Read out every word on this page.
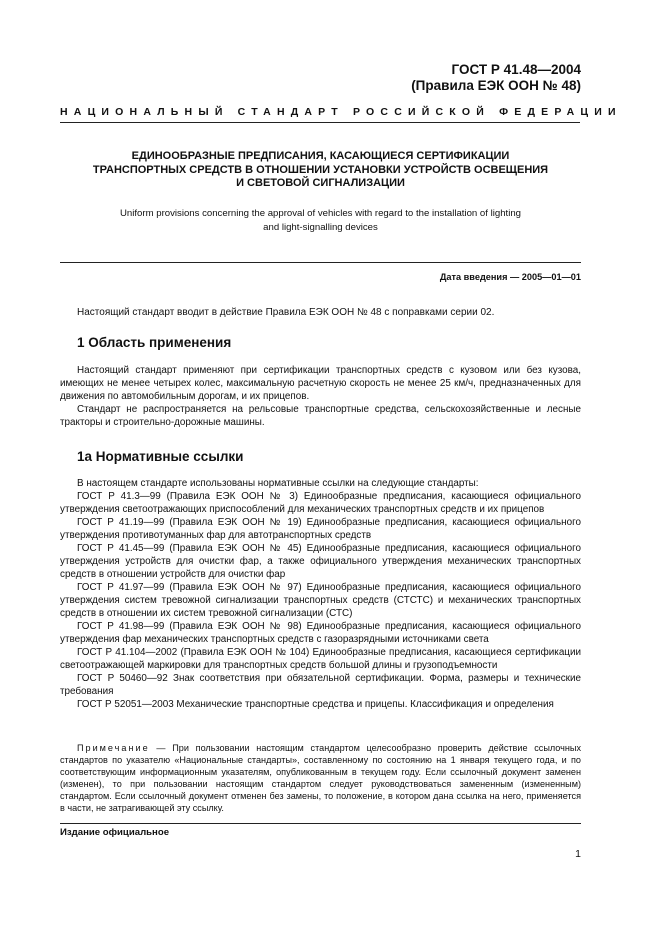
ГОСТ Р 41.48—2004
(Правила ЕЭК ООН № 48)
НАЦИОНАЛЬНЫЙ СТАНДАРТ РОССИЙСКОЙ ФЕДЕРАЦИИ
ЕДИНООБРАЗНЫЕ ПРЕДПИСАНИЯ, КАСАЮЩИЕСЯ СЕРТИФИКАЦИИ
ТРАНСПОРТНЫХ СРЕДСТВ В ОТНОШЕНИИ УСТАНОВКИ УСТРОЙСТВ ОСВЕЩЕНИЯ
И СВЕТОВОЙ СИГНАЛИЗАЦИИ
Uniform provisions concerning the approval of vehicles with regard to the installation of lighting
and light-signalling devices
Дата введения — 2005—01—01
Настоящий стандарт вводит в действие Правила ЕЭК ООН № 48 с поправками серии 02.
1 Область применения

Настоящий стандарт применяют при сертификации транспортных средств с кузовом или без кузова, имеющих не менее четырех колес, максимальную расчетную скорость не менее 25 км/ч, предназначенных для движения по автомобильным дорогам, и их прицепов.

Стандарт не распространяется на рельсовые транспортные средства, сельскохозяйственные и лесные тракторы и строительно-дорожные машины.

1a Нормативные ссылки

В настоящем стандарте использованы нормативные ссылки на следующие стандарты:

ГОСТ Р 41.3—99 (Правила ЕЭК ООН № 3) Единообразные предписания, касающиеся официального утверждения светоотражающих приспособлений для механических транспортных средств и их прицепов

ГОСТ Р 41.19—99 (Правила ЕЭК ООН № 19) Единообразные предписания, касающиеся официального утверждения противотуманных фар для автотранспортных средств

ГОСТ Р 41.45—99 (Правила ЕЭК ООН № 45) Единообразные предписания, касающиеся официального утверждения устройств для очистки фар, а также официального утверждения механических транспортных средств в отношении устройств для очистки фар

ГОСТ Р 41.97—99 (Правила ЕЭК ООН № 97) Единообразные предписания, касающиеся официального утверждения систем тревожной сигнализации транспортных средств (СТСТС) и механических транспортных средств в отношении их систем тревожной сигнализации (СТС)

ГОСТ Р 41.98—99 (Правила ЕЭК ООН № 98) Единообразные предписания, касающиеся официального утверждения фар механических транспортных средств с газоразрядными источниками света

ГОСТ Р 41.104—2002 (Правила ЕЭК ООН № 104) Единообразные предписания, касающиеся сертификации светоотражающей маркировки для транспортных средств большой длины и грузоподъемности

ГОСТ Р 50460—92 Знак соответствия при обязательной сертификации. Форма, размеры и технические требования

ГОСТ Р 52051—2003 Механические транспортные средства и прицепы. Классификация и определения

Примечание — При пользовании настоящим стандартом целесообразно проверить действие ссылочных стандартов по указателю «Национальные стандарты», составленному по состоянию на 1 января текущего года, и по соответствующим информационным указателям, опубликованным в текущем году. Если ссылочный документ заменен (изменен), то при пользовании настоящим стандартом следует руководствоваться замененным (измененным) стандартом. Если ссылочный документ отменен без замены, то положение, в котором дана ссылка на него, применяется в части, не затрагивающей эту ссылку.
Издание официальное
1
